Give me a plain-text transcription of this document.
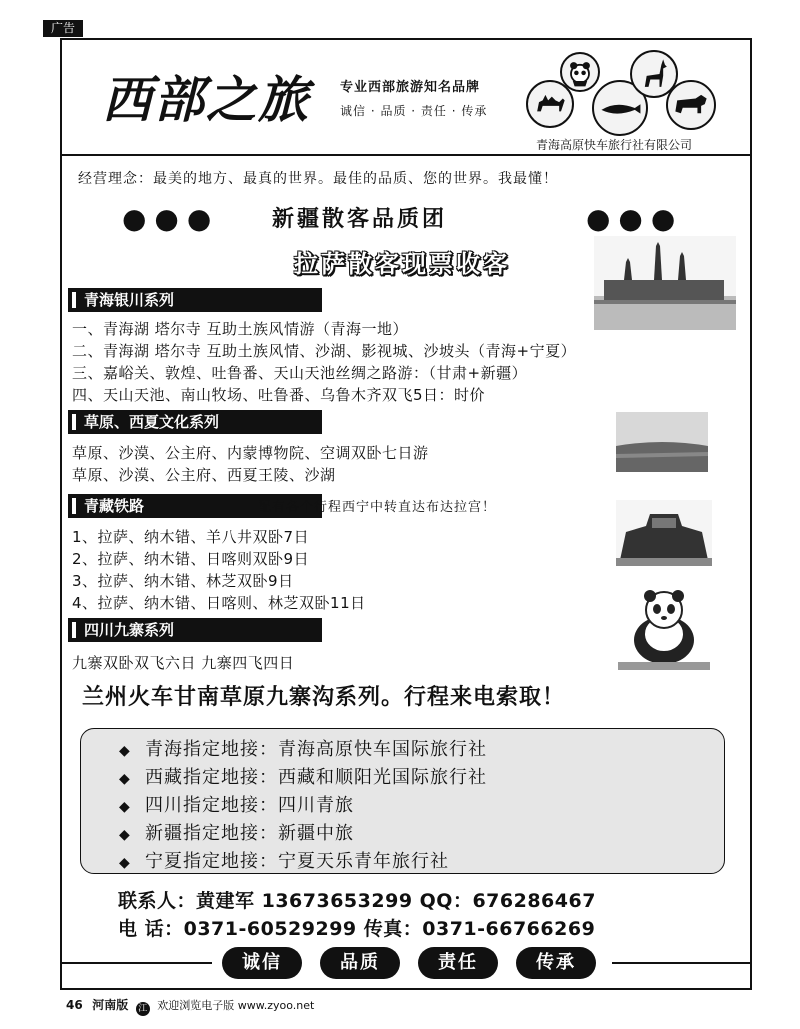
广告
西部之旅 专业西部旅游知名品牌
诚信 · 品质 · 责任 · 传承
青海高原快车旅行社有限公司
经营理念：最美的地方、最真的世界。最佳的品质、您的世界。我最懂！
●●● 新疆散客品质团	●●●
拉萨散客现票收客
青海银川系列
一、青海湖 塔尔寺 互助土族风情游（青海一地）
二、青海湖 塔尔寺 互助土族风情、沙湖、影视城、沙坡头（青海+宁夏）
三、嘉峪关、敦煌、吐鲁番、天山天池丝绸之路游：（甘肃+新疆）
四、天山天池、南山牧场、吐鲁番、乌鲁木齐双飞5日：时价
草原、西夏文化系列
草原、沙漠、公主府、内蒙博物院、空调双卧七日游
草原、沙漠、公主府、西夏王陵、沙湖
青藏铁路	配有各个行程西宁中转直达布达拉宫！
1、拉萨、纳木错、羊八井双卧7日
2、拉萨、纳木错、日喀则双卧9日
3、拉萨、纳木错、林芝双卧9日
4、拉萨、纳木错、日喀则、林芝双卧11日
四川九寨系列
九寨双卧双飞六日 九寨四飞四日
兰州火车甘南草原九寨沟系列。行程来电索取！
◆ 青海指定地接：青海高原快车国际旅行社
◆ 西藏指定地接：西藏和顺阳光国际旅行社
◆ 四川指定地接：四川青旅
◆ 新疆指定地接：新疆中旅
◆ 宁夏指定地接：宁夏天乐青年旅行社
联系人：黄建军 13673653299 QQ：676286467
电 话：0371-60529299 传真：0371-66766269
诚信	品质	责任	传承
46 河南版 江 欢迎浏览电子版 www.zyoo.net
